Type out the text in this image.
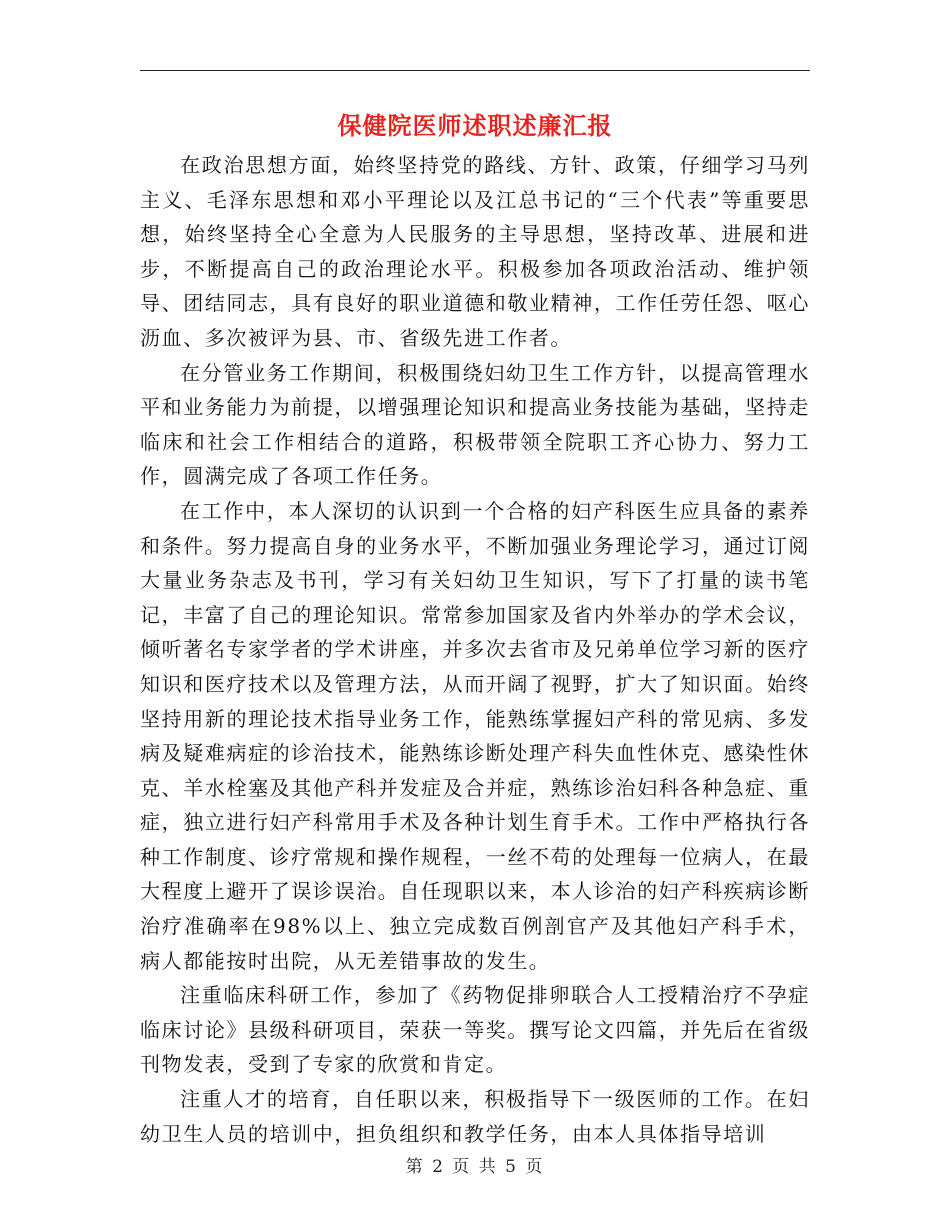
保健院医师述职述廉汇报

在政治思想方面，始终坚持党的路线、方针、政策，仔细学习马列主义、毛泽东思想和邓小平理论以及江总书记的“三个代表”等重要思想，始终坚持全心全意为人民服务的主导思想，坚持改革、进展和进步，不断提高自己的政治理论水平。积极参加各项政治活动、维护领导、团结同志，具有良好的职业道德和敬业精神，工作任劳任怨、呕心沥血、多次被评为县、市、省级先进工作者。

在分管业务工作期间，积极围绕妇幼卫生工作方针，以提高管理水平和业务能力为前提，以增强理论知识和提高业务技能为基础，坚持走临床和社会工作相结合的道路，积极带领全院职工齐心协力、努力工作，圆满完成了各项工作任务。

在工作中，本人深切的认识到一个合格的妇产科医生应具备的素养和条件。努力提高自身的业务水平，不断加强业务理论学习，通过订阅大量业务杂志及书刊，学习有关妇幼卫生知识，写下了打量的读书笔记，丰富了自己的理论知识。常常参加国家及省内外举办的学术会议，倾听著名专家学者的学术讲座，并多次去省市及兄弟单位学习新的医疗知识和医疗技术以及管理方法，从而开阔了视野，扩大了知识面。始终坚持用新的理论技术指导业务工作，能熟练掌握妇产科的常见病、多发病及疑难病症的诊治技术，能熟练诊断处理产科失血性休克、感染性休克、羊水栓塞及其他产科并发症及合并症，熟练诊治妇科各种急症、重症，独立进行妇产科常用手术及各种计划生育手术。工作中严格执行各种工作制度、诊疗常规和操作规程，一丝不苟的处理每一位病人，在最大程度上避开了误诊误治。自任现职以来，本人诊治的妇产科疾病诊断治疗准确率在98%以上、独立完成数百例剖官产及其他妇产科手术，病人都能按时出院，从无差错事故的发生。

注重临床科研工作，参加了《药物促排卵联合人工授精治疗不孕症临床讨论》县级科研项目，荣获一等奖。撰写论文四篇，并先后在省级刊物发表，受到了专家的欣赏和肯定。

注重人才的培育，自任职以来，积极指导下一级医师的工作。在妇幼卫生人员的培训中，担负组织和教学任务，由本人具体指导培训

第 2 页 共 5 页
